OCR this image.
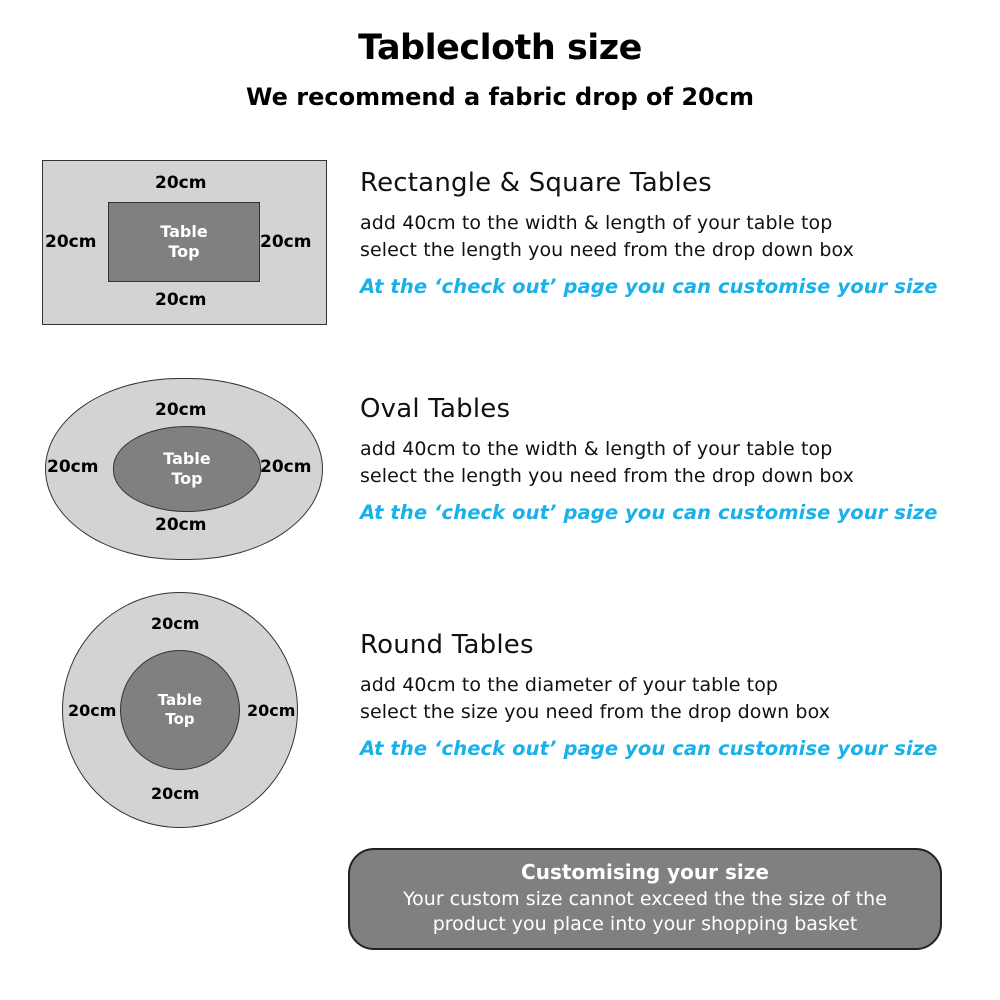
Tablecloth size
We recommend a fabric drop of 20cm
Table
Top
20cm
20cm
20cm	20cm
Rectangle & Square Tables
add 40cm to the width & length of your table top
select the length you need from the drop down box
At the ‘check out’ page you can customise your size
Table
Top
20cm
20cm
20cm	20cm
Oval Tables
add 40cm to the width & length of your table top
select the length you need from the drop down box
At the ‘check out’ page you can customise your size
Table
Top
20cm
20cm
20cm	20cm
Round Tables
add 40cm to the diameter of your table top
select the size you need from the drop down box
At the ‘check out’ page you can customise your size
Customising your size
Your custom size cannot exceed the the size of the
product you place into your shopping basket
